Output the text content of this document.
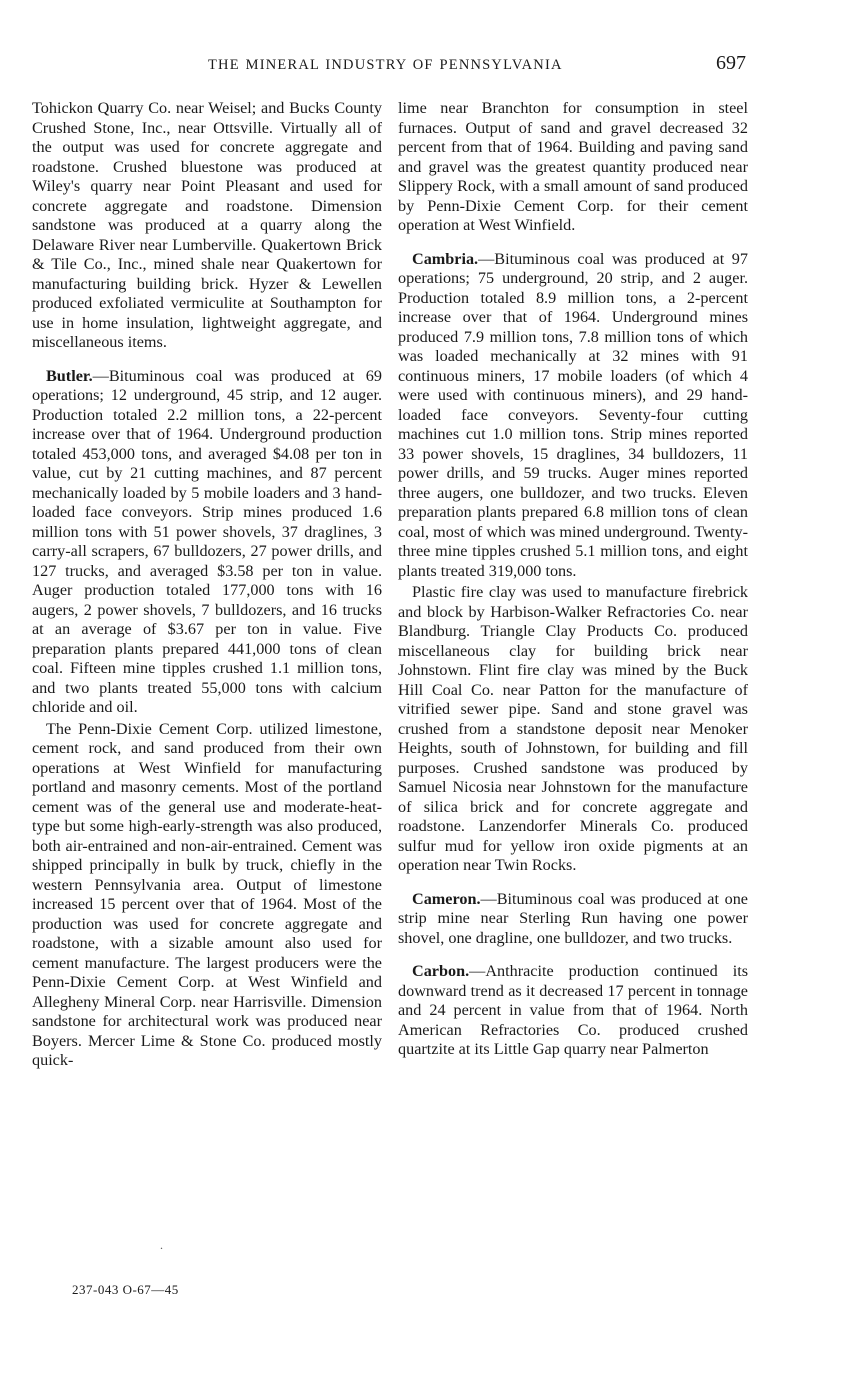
THE MINERAL INDUSTRY OF PENNSYLVANIA	697

Tohickon Quarry Co. near Weisel; and Bucks County Crushed Stone, Inc., near Ottsville. Virtually all of the output was used for concrete aggregate and roadstone. Crushed bluestone was produced at Wiley's quarry near Point Pleasant and used for concrete aggregate and roadstone. Dimension sandstone was produced at a quarry along the Delaware River near Lumberville. Quakertown Brick & Tile Co., Inc., mined shale near Quakertown for manufacturing building brick. Hyzer & Lewellen produced exfoliated vermiculite at Southampton for use in home insulation, lightweight aggregate, and miscellaneous items.

Butler.—Bituminous coal was produced at 69 operations; 12 underground, 45 strip, and 12 auger. Production totaled 2.2 million tons, a 22-percent increase over that of 1964. Underground production totaled 453,000 tons, and averaged $4.08 per ton in value, cut by 21 cutting machines, and 87 percent mechanically loaded by 5 mobile loaders and 3 hand-loaded face conveyors. Strip mines produced 1.6 million tons with 51 power shovels, 37 draglines, 3 carry-all scrapers, 67 bulldozers, 27 power drills, and 127 trucks, and averaged $3.58 per ton in value. Auger production totaled 177,000 tons with 16 augers, 2 power shovels, 7 bulldozers, and 16 trucks at an average of $3.67 per ton in value. Five preparation plants prepared 441,000 tons of clean coal. Fifteen mine tipples crushed 1.1 million tons, and two plants treated 55,000 tons with calcium chloride and oil.

The Penn-Dixie Cement Corp. utilized limestone, cement rock, and sand produced from their own operations at West Winfield for manufacturing portland and masonry cements. Most of the portland cement was of the general use and moderate-heat-type but some high-early-strength was also produced, both air-entrained and non-air-entrained. Cement was shipped principally in bulk by truck, chiefly in the western Pennsylvania area. Output of limestone increased 15 percent over that of 1964. Most of the production was used for concrete aggregate and roadstone, with a sizable amount also used for cement manufacture. The largest producers were the Penn-Dixie Cement Corp. at West Winfield and Allegheny Mineral Corp. near Harrisville. Dimension sandstone for architectural work was produced near Boyers. Mercer Lime & Stone Co. produced mostly quick-

lime near Branchton for consumption in steel furnaces. Output of sand and gravel decreased 32 percent from that of 1964. Building and paving sand and gravel was the greatest quantity produced near Slippery Rock, with a small amount of sand produced by Penn-Dixie Cement Corp. for their cement operation at West Winfield.

Cambria.—Bituminous coal was produced at 97 operations; 75 underground, 20 strip, and 2 auger. Production totaled 8.9 million tons, a 2-percent increase over that of 1964. Underground mines produced 7.9 million tons, 7.8 million tons of which was loaded mechanically at 32 mines with 91 continuous miners, 17 mobile loaders (of which 4 were used with continuous miners), and 29 hand-loaded face conveyors. Seventy-four cutting machines cut 1.0 million tons. Strip mines reported 33 power shovels, 15 draglines, 34 bulldozers, 11 power drills, and 59 trucks. Auger mines reported three augers, one bulldozer, and two trucks. Eleven preparation plants prepared 6.8 million tons of clean coal, most of which was mined underground. Twenty-three mine tipples crushed 5.1 million tons, and eight plants treated 319,000 tons.

Plastic fire clay was used to manufacture firebrick and block by Harbison-Walker Refractories Co. near Blandburg. Triangle Clay Products Co. produced miscellaneous clay for building brick near Johnstown. Flint fire clay was mined by the Buck Hill Coal Co. near Patton for the manufacture of vitrified sewer pipe. Sand and stone gravel was crushed from a standstone deposit near Menoker Heights, south of Johnstown, for building and fill purposes. Crushed sandstone was produced by Samuel Nicosia near Johnstown for the manufacture of silica brick and for concrete aggregate and roadstone. Lanzendorfer Minerals Co. produced sulfur mud for yellow iron oxide pigments at an operation near Twin Rocks.

Cameron.—Bituminous coal was produced at one strip mine near Sterling Run having one power shovel, one dragline, one bulldozer, and two trucks.

Carbon.—Anthracite production continued its downward trend as it decreased 17 percent in tonnage and 24 percent in value from that of 1964. North American Refractories Co. produced crushed quartzite at its Little Gap quarry near Palmerton

.
237-043 O-67—45
